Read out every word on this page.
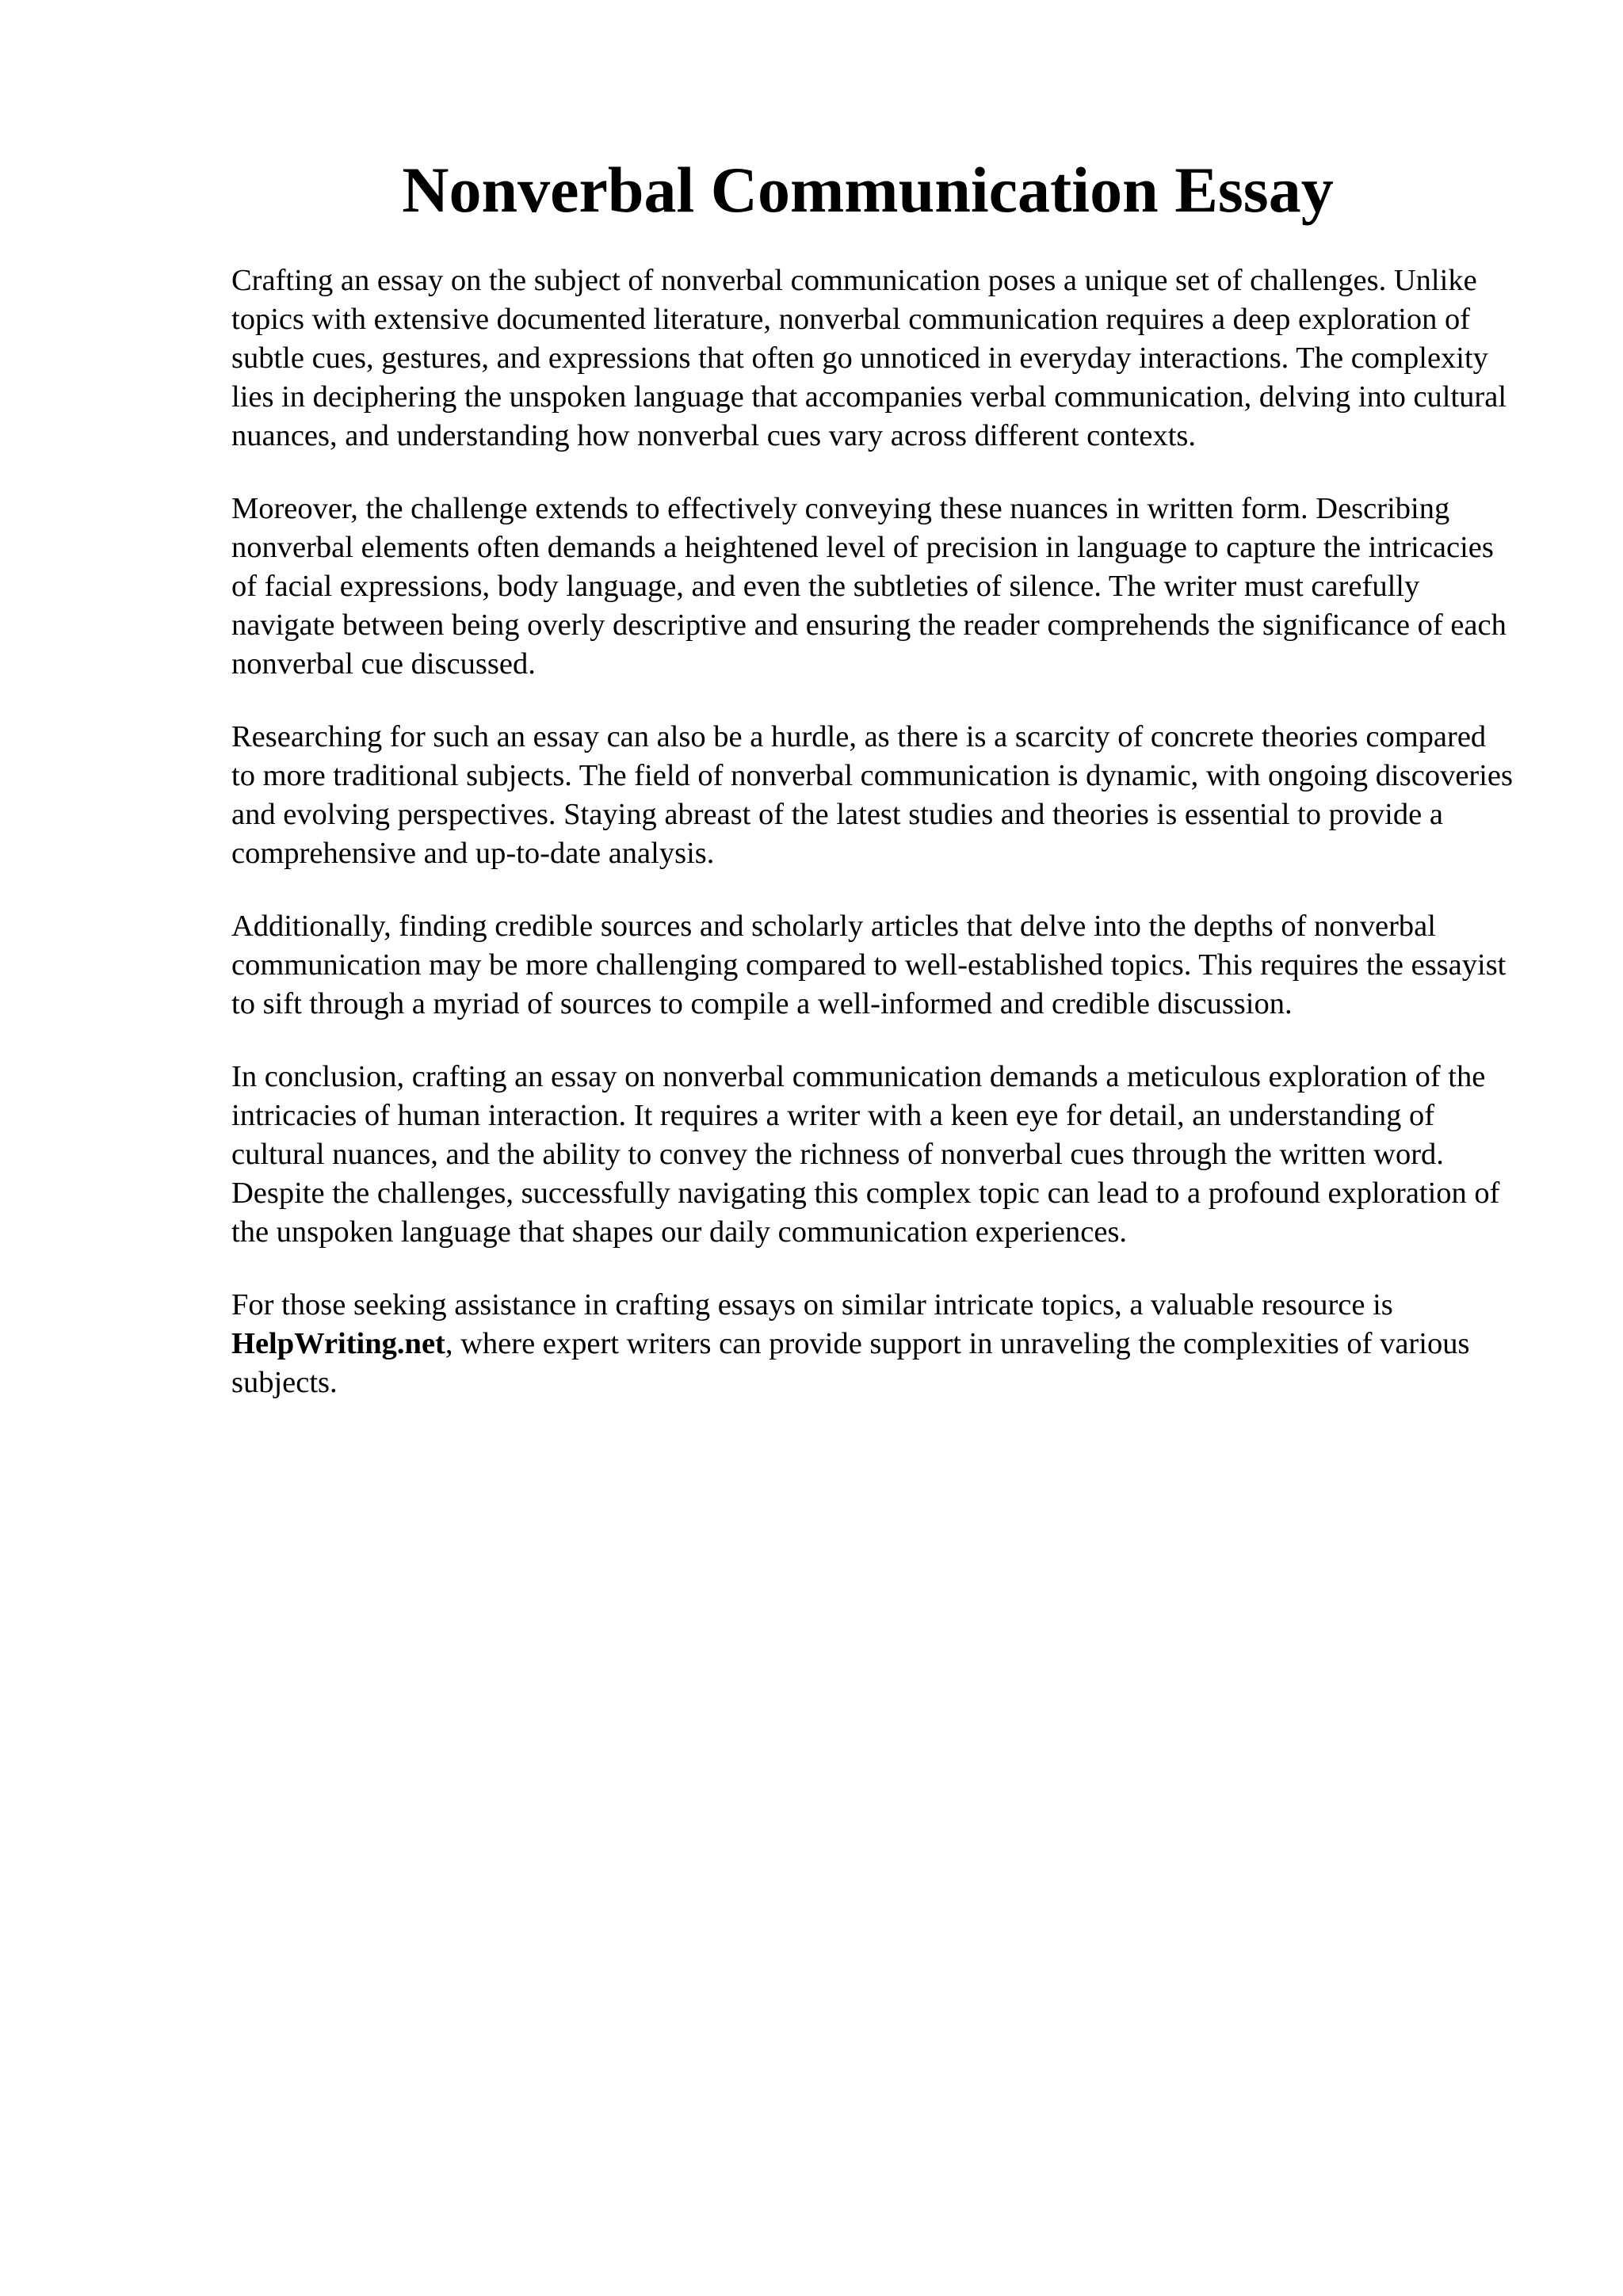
Nonverbal Communication Essay

Crafting an essay on the subject of nonverbal communication poses a unique set of challenges. Unlike topics with extensive documented literature, nonverbal communication requires a deep exploration of subtle cues, gestures, and expressions that often go unnoticed in everyday interactions. The complexity lies in deciphering the unspoken language that accompanies verbal communication, delving into cultural nuances, and understanding how nonverbal cues vary across different contexts.

Moreover, the challenge extends to effectively conveying these nuances in written form. Describing nonverbal elements often demands a heightened level of precision in language to capture the intricacies of facial expressions, body language, and even the subtleties of silence. The writer must carefully navigate between being overly descriptive and ensuring the reader comprehends the significance of each nonverbal cue discussed.

Researching for such an essay can also be a hurdle, as there is a scarcity of concrete theories compared to more traditional subjects. The field of nonverbal communication is dynamic, with ongoing discoveries and evolving perspectives. Staying abreast of the latest studies and theories is essential to provide a comprehensive and up-to-date analysis.

Additionally, finding credible sources and scholarly articles that delve into the depths of nonverbal communication may be more challenging compared to well-established topics. This requires the essayist to sift through a myriad of sources to compile a well-informed and credible discussion.

In conclusion, crafting an essay on nonverbal communication demands a meticulous exploration of the intricacies of human interaction. It requires a writer with a keen eye for detail, an understanding of cultural nuances, and the ability to convey the richness of nonverbal cues through the written word. Despite the challenges, successfully navigating this complex topic can lead to a profound exploration of the unspoken language that shapes our daily communication experiences.

For those seeking assistance in crafting essays on similar intricate topics, a valuable resource is HelpWriting.net, where expert writers can provide support in unraveling the complexities of various subjects.
